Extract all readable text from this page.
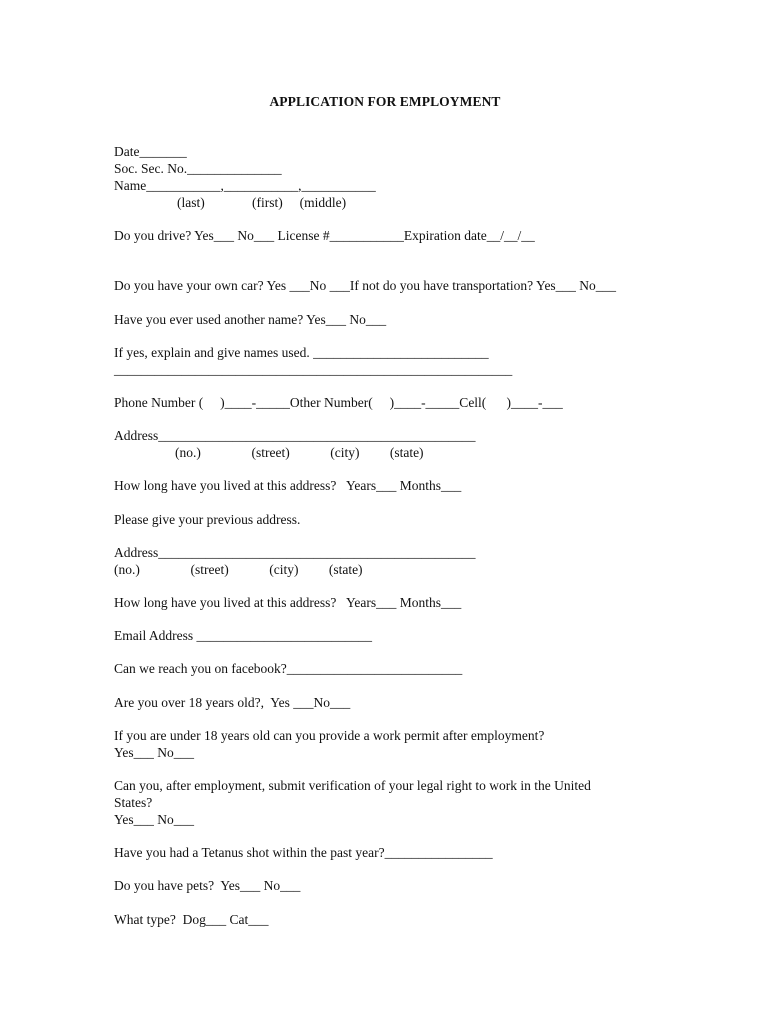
APPLICATION FOR EMPLOYMENT
Date_______
Soc. Sec. No.______________
Name___________,___________,___________
(last)              (first)     (middle)
Do you drive? Yes___ No___ License #___________Expiration date__/__/__
Do you have your own car? Yes ___No ___If not do you have transportation? Yes___ No___
Have you ever used another name? Yes___ No___
If yes, explain and give names used. __________________________
___________________________________________________________
Phone Number (     )____-_____Other Number(     )____-_____Cell(      )____-___
Address_______________________________________________
(no.)               (street)            (city)         (state)
How long have you lived at this address?   Years___ Months___
Please give your previous address.
Address_______________________________________________
(no.)               (street)            (city)         (state)
How long have you lived at this address?   Years___ Months___
Email Address __________________________
Can we reach you on facebook?__________________________
Are you over 18 years old?,  Yes ___No___
If you are under 18 years old can you provide a work permit after employment?
Yes___ No___
Can you, after employment, submit verification of your legal right to work in the United
States?
Yes___ No___
Have you had a Tetanus shot within the past year?________________
Do you have pets?  Yes___ No___
What type?  Dog___ Cat___
